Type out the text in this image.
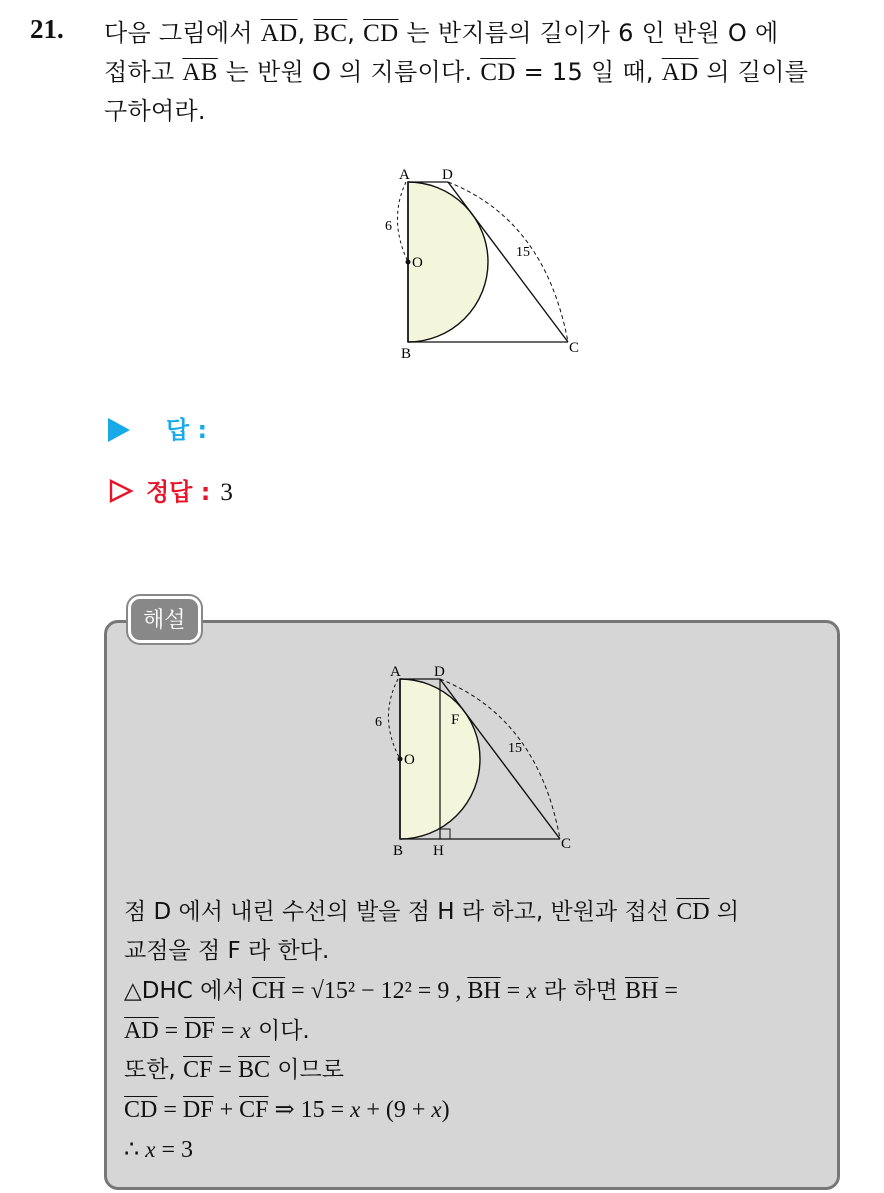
21. 다음 그림에서 $\overline{AD}$, $\overline{BC}$, $\overline{CD}$ 는 반지름의 길이가 6 인 반원 O 에
접하고 $\overline{AB}$ 는 반원 O 의 지름이다. $\overline{CD} = 15$ 일 때, $\overline{AD}$ 의 길이를
구하여라.
A D
O
B	C
6
15
답 :
정답 : 3
해설
A D
O
F
B H	C
6
15
점 D 에서 내린 수선의 발을 점 H 라 하고, 반원과 접선 $\overline{CD}$ 의
교점을 점 F 라 한다.
△DHC 에서 $\overline{CH} = √15^2 - 12^2 = 9$ , $\overline{BH} = x$ 라 하면 $\overline{BH}$ =
$\overline{AD} = \overline{DF} = x$ 이다.
또한, $\overline{CF} = \overline{BC}$ 이므로
$\overline{CD} = \overline{DF} + \overline{CF}$ ⇒ 15 = x + (9 + x)
∴ x = 3
